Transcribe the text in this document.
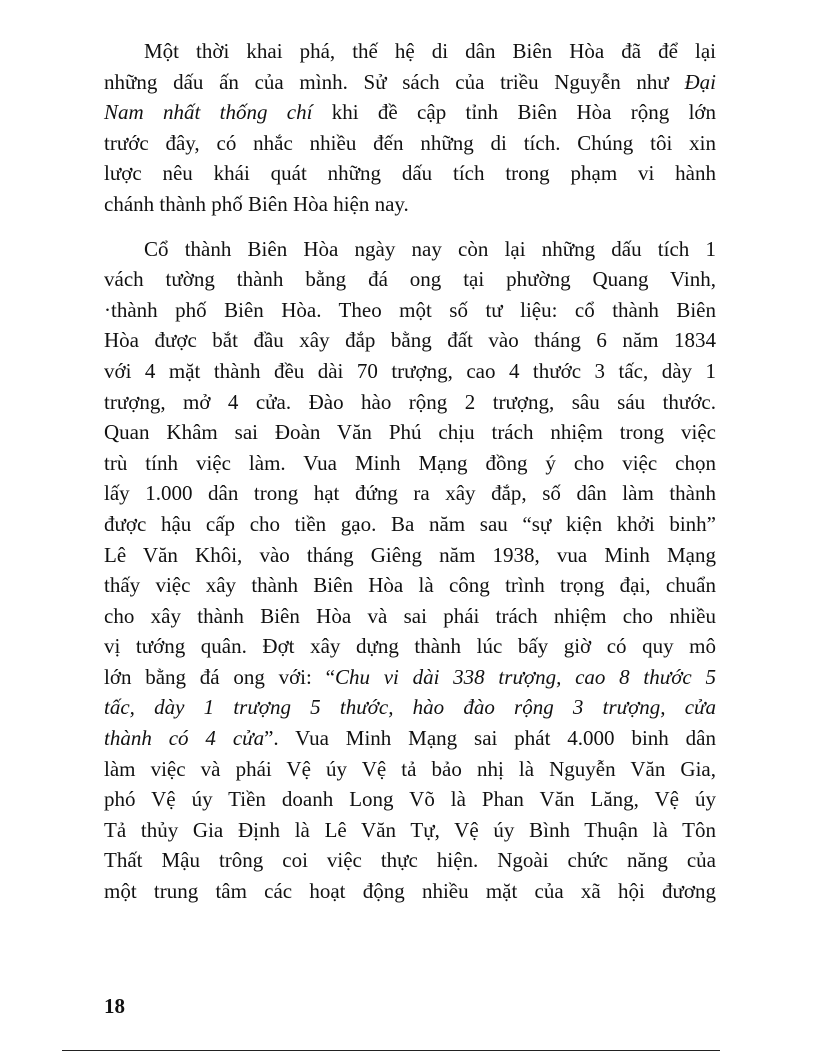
Một thời khai phá, thế hệ di dân Biên Hòa đã để lại
những dấu ấn của mình. Sử sách của triều Nguyễn như Đại
Nam nhất thống chí khi đề cập tỉnh Biên Hòa rộng lớn
trước đây, có nhắc nhiều đến những di tích. Chúng tôi xin
lược nêu khái quát những dấu tích trong phạm vi hành
chánh thành phố Biên Hòa hiện nay.
Cổ thành Biên Hòa ngày nay còn lại những dấu tích 1
vách tường thành bằng đá ong tại phường Quang Vinh,
·thành phố Biên Hòa. Theo một số tư liệu: cổ thành Biên
Hòa được bắt đầu xây đắp bằng đất vào tháng 6 năm 1834
với 4 mặt thành đều dài 70 trượng, cao 4 thước 3 tấc, dày 1
trượng, mở 4 cửa. Đào hào rộng 2 trượng, sâu sáu thước.
Quan Khâm sai Đoàn Văn Phú chịu trách nhiệm trong việc
trù tính việc làm. Vua Minh Mạng đồng ý cho việc chọn
lấy 1.000 dân trong hạt đứng ra xây đắp, số dân làm thành
được hậu cấp cho tiền gạo. Ba năm sau “sự kiện khởi binh”
Lê Văn Khôi, vào tháng Giêng năm 1938, vua Minh Mạng
thấy việc xây thành Biên Hòa là công trình trọng đại, chuẩn
cho xây thành Biên Hòa và sai phái trách nhiệm cho nhiều
vị tướng quân. Đợt xây dựng thành lúc bấy giờ có quy mô
lớn bằng đá ong với: “Chu vi dài 338 trượng, cao 8 thước 5
tấc, dày 1 trượng 5 thước, hào đào rộng 3 trượng, cửa
thành có 4 cửa”. Vua Minh Mạng sai phát 4.000 binh dân
làm việc và phái Vệ úy Vệ tả bảo nhị là Nguyễn Văn Gia,
phó Vệ úy Tiền doanh Long Võ là Phan Văn Lăng, Vệ úy
Tả thủy Gia Định là Lê Văn Tự, Vệ úy Bình Thuận là Tôn
Thất Mậu trông coi việc thực hiện. Ngoài chức năng của
một trung tâm các hoạt động nhiều mặt của xã hội đương
18
